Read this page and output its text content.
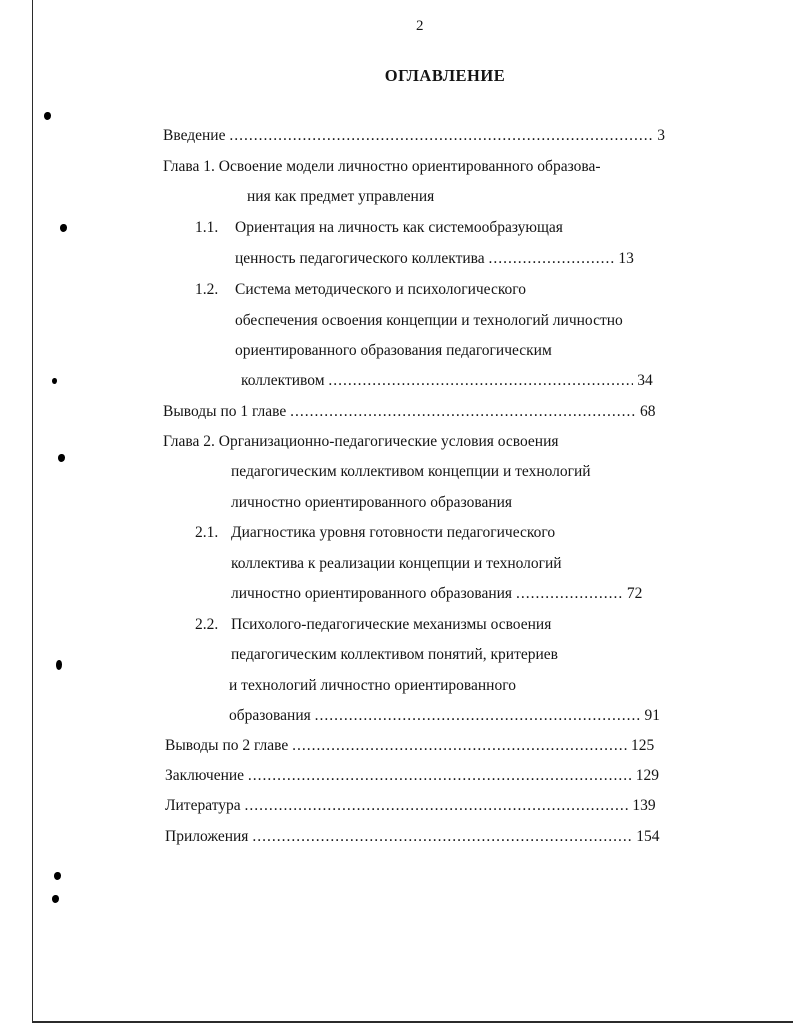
2
ОГЛАВЛЕНИЕ
Введение .....	3
Глава 1. Освоение модели личностно ориентированного образова-
ния как предмет управления
1.1. Ориентация на личность как системообразующая
ценность педагогического коллектива .....	13
1.2. Система методического и психологического
обеспечения освоения концепции и технологий личностно
ориентированного образования педагогическим
коллективом .....	34
Выводы по 1 главе .....	68
Глава 2. Организационно-педагогические условия освоения
педагогическим коллективом концепции и технологий
личностно ориентированного образования
2.1. Диагностика уровня готовности педагогического
коллектива к реализации концепции и технологий
личностно ориентированного образования .....	72
2.2. Психолого-педагогические механизмы освоения
педагогическим коллективом понятий, критериев
и технологий личностно ориентированного
образования .....	91
Выводы по 2 главе .....	125
Заключение .....	129
Литература .....	139
Приложения .....	154
